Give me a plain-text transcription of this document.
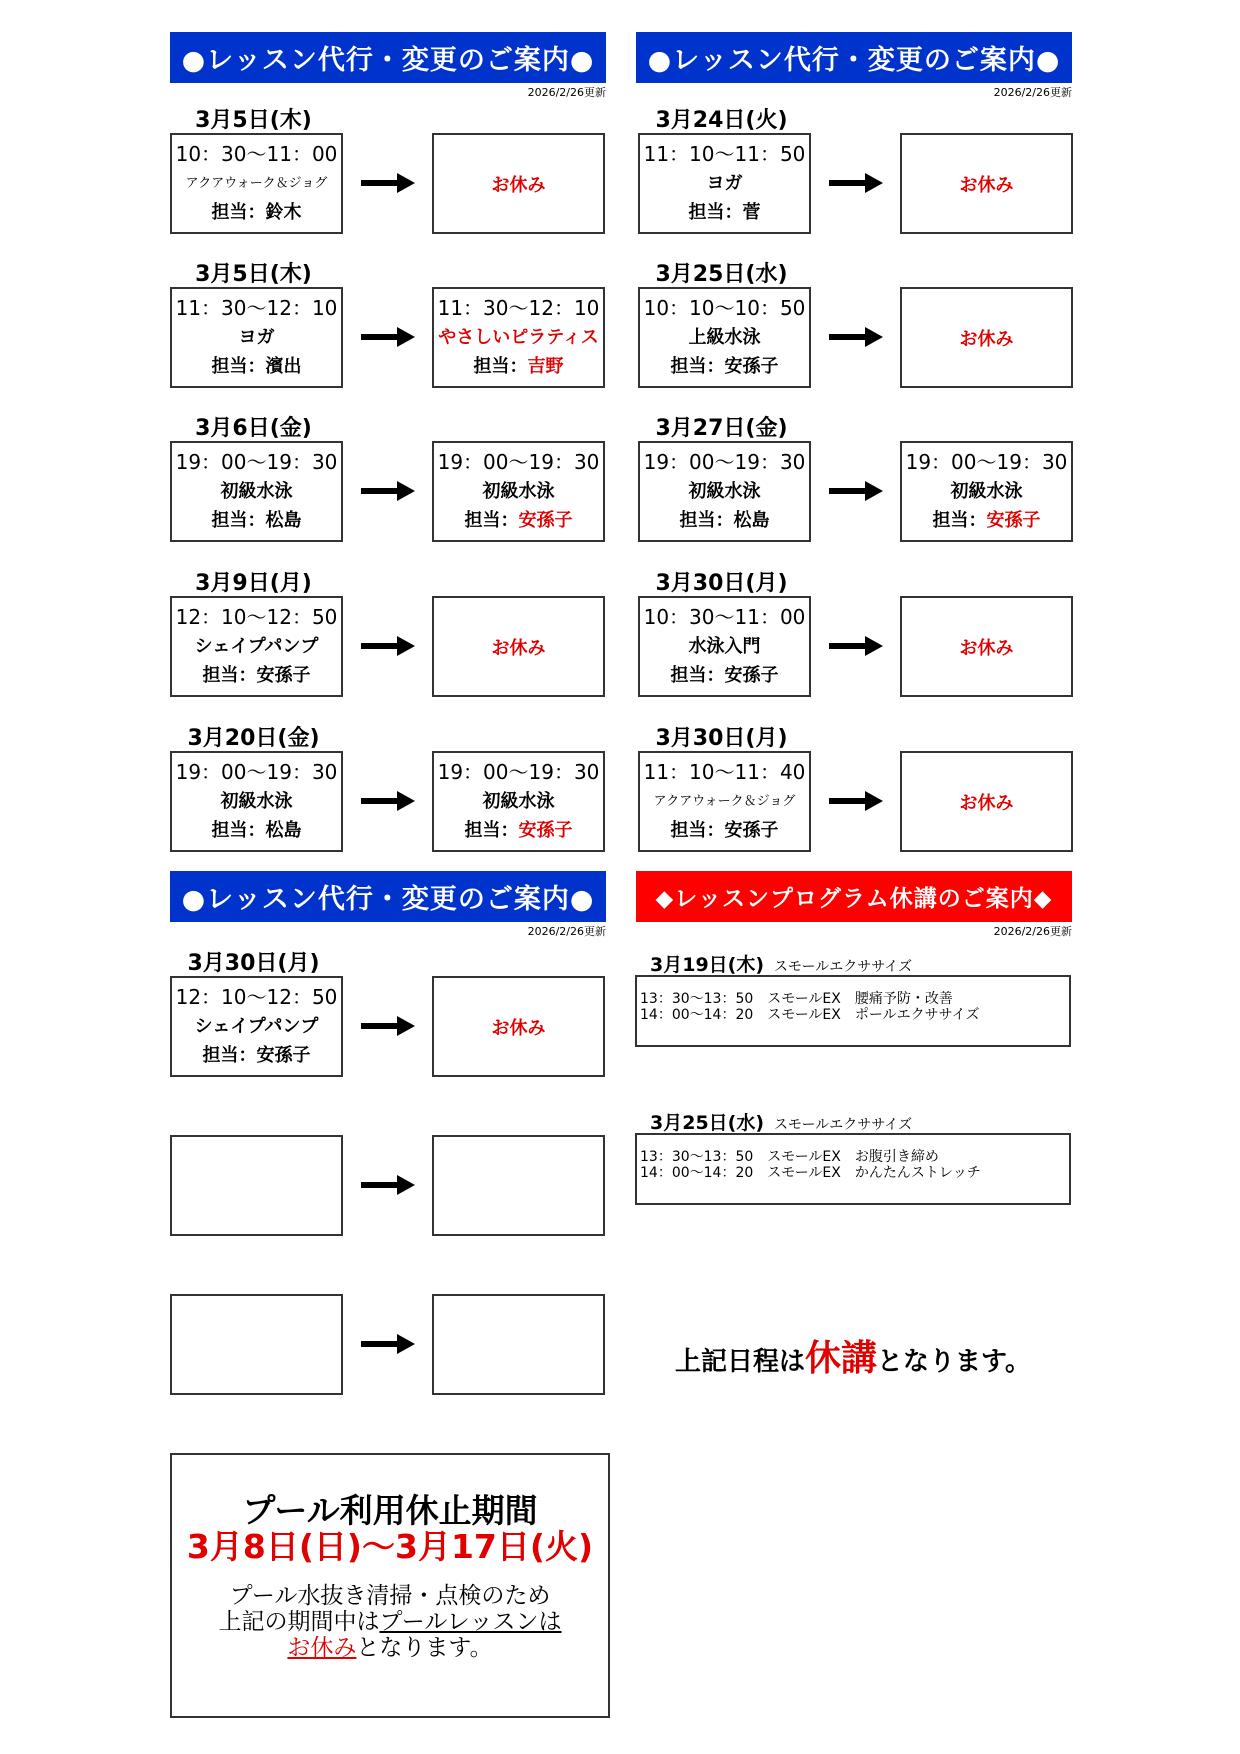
●レッスン代行・変更のご案内●
2026/2/26更新
●レッスン代行・変更のご案内●
2026/2/26更新
●レッスン代行・変更のご案内●
2026/2/26更新
◆レッスンプログラム休講のご案内◆
2026/2/26更新
3月5日(木)
10：30～11：00
アクアウォーク＆ジョグ
担当：鈴木
お休み
3月5日(木)
11：30～12：10
ヨガ
担当：濱出
11：30～12：10
やさしいピラティス
担当：吉野
3月6日(金)
19：00～19：30
初級水泳
担当：松島
19：00～19：30
初級水泳
担当：安孫子
3月9日(月)
12：10～12：50
シェイプパンプ
担当：安孫子
お休み
3月20日(金)
19：00～19：30
初級水泳
担当：松島
19：00～19：30
初級水泳
担当：安孫子
3月24日(火)
11：10～11：50
ヨガ
担当：菅
お休み
3月25日(水)
10：10～10：50
上級水泳
担当：安孫子
お休み
3月27日(金)
19：00～19：30
初級水泳
担当：松島
19：00～19：30
初級水泳
担当：安孫子
3月30日(月)
10：30～11：00
水泳入門
担当：安孫子
お休み
3月30日(月)
11：10～11：40
アクアウォーク＆ジョグ
担当：安孫子
お休み
3月30日(月)
12：10～12：50
シェイプパンプ
担当：安孫子
お休み
3月19日(木) スモールエクササイズ
13：30～13：50　スモールEX　腰痛予防・改善
14：00～14：20　スモールEX　ポールエクササイズ
3月25日(水) スモールエクササイズ
13：30～13：50　スモールEX　お腹引き締め
14：00～14：20　スモールEX　かんたんストレッチ
上記日程は休講となります。
プール利用休止期間
3月8日(日)～3月17日(火)
プール水抜き清掃・点検のため
上記の期間中はプールレッスンは
お休みとなります。
